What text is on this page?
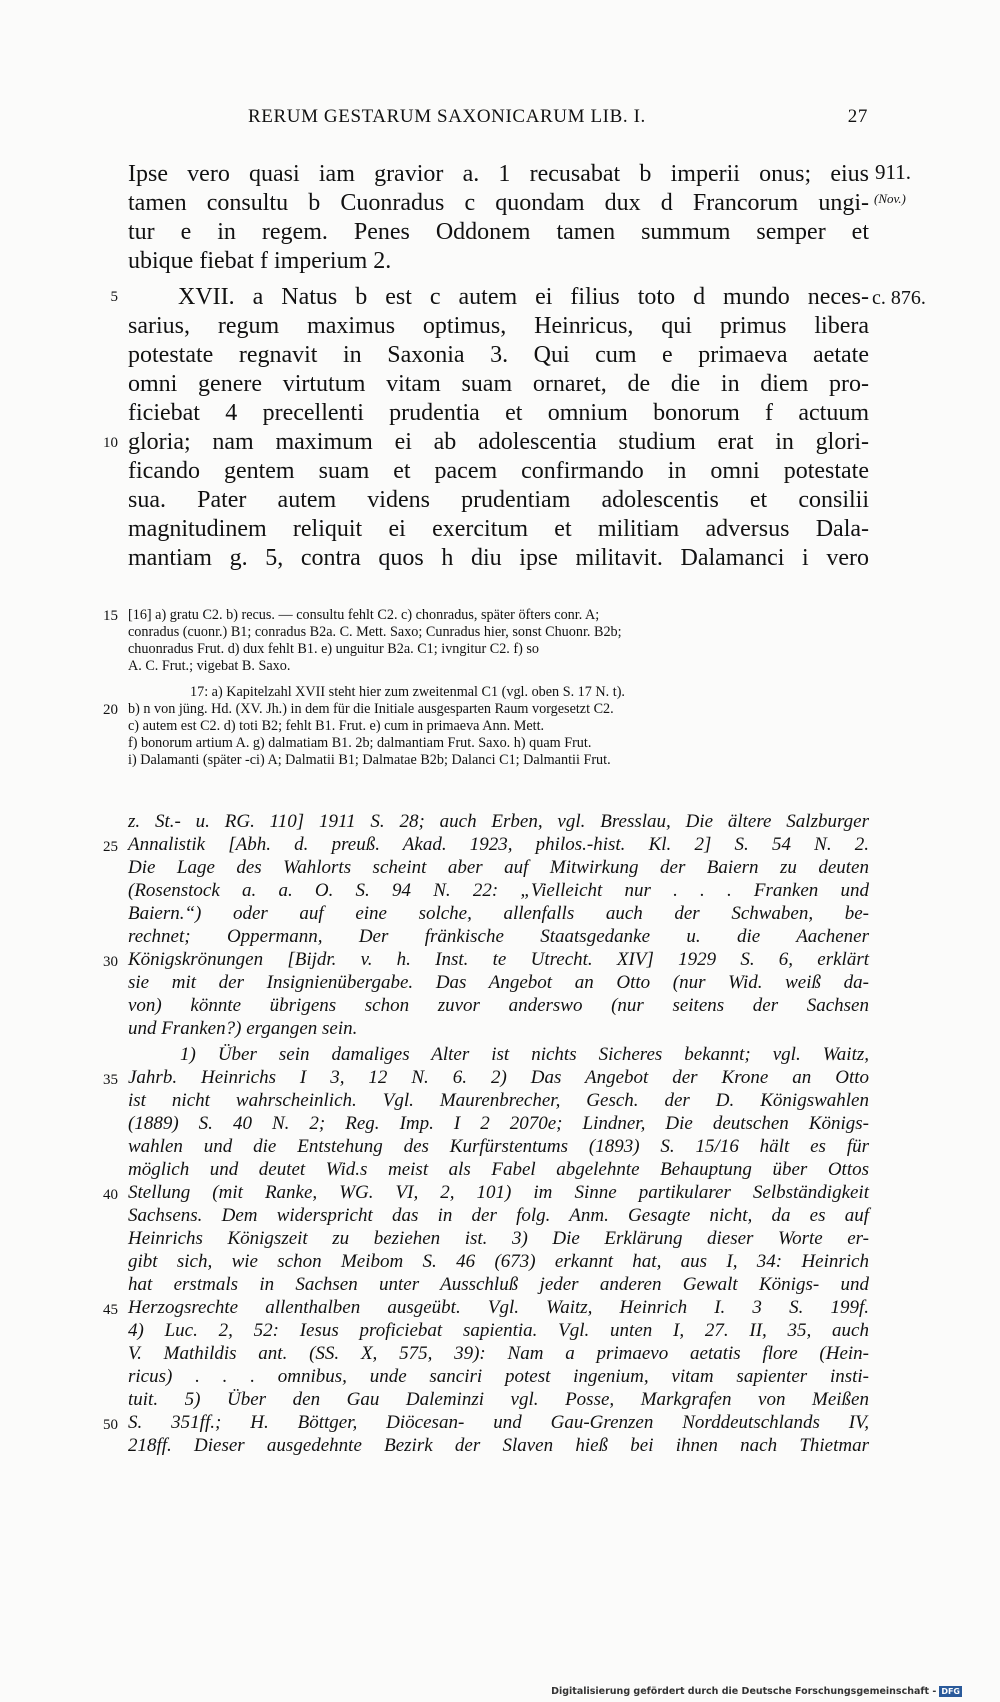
RERUM GESTARUM SAXONICARUM LIB. I.	27
Ipse vero quasi iam gravior a. 1 recusabat b imperii onus; eius
tamen consultu b Cuonradus c quondam dux d Francorum ungi-
tur e in regem. Penes Oddonem tamen summum semper et
ubique fiebat f imperium 2.
XVII. a Natus b est c autem ei filius toto d mundo neces-
sarius, regum maximus optimus, Heinricus, qui primus libera
potestate regnavit in Saxonia 3. Qui cum e primaeva aetate
omni genere virtutum vitam suam ornaret, de die in diem pro-
ficiebat 4 precellenti prudentia et omnium bonorum f actuum
gloria; nam maximum ei ab adolescentia studium erat in glori-
ficando gentem suam et pacem confirmando in omni potestate
sua. Pater autem videns prudentiam adolescentis et consilii
magnitudinem reliquit ei exercitum et militiam adversus Dala-
mantiam g. 5, contra quos h diu ipse militavit. Dalamanci i vero
911.
(Nov.)
c. 876.
[16] a) gratu C2. b) recus. — consultu fehlt C2. c) chonradus, später öfters conr. A;
conradus (cuonr.) B1; conradus B2a. C. Mett. Saxo; Cunradus hier, sonst Chuonr. B2b;
chuonradus Frut. d) dux fehlt B1. e) unguitur B2a. C1; ivngitur C2. f) so
A. C. Frut.; vigebat B. Saxo.
17: a) Kapitelzahl XVII steht hier zum zweitenmal C1 (vgl. oben S. 17 N. t).
b) n von jüng. Hd. (XV. Jh.) in dem für die Initiale ausgesparten Raum vorgesetzt C2.
c) autem est C2. d) toti B2; fehlt B1. Frut. e) cum in primaeva Ann. Mett.
f) bonorum artium A. g) dalmatiam B1. 2b; dalmantiam Frut. Saxo. h) quam Frut.
i) Dalamanti (später -ci) A; Dalmatii B1; Dalmatae B2b; Dalanci C1; Dalmantii Frut.
z. St.- u. RG. 110] 1911 S. 28; auch Erben, vgl. Bresslau, Die ältere Salzburger
Annalistik [Abh. d. preuß. Akad. 1923, philos.-hist. Kl. 2] S. 54 N. 2.
Die Lage des Wahlorts scheint aber auf Mitwirkung der Baiern zu deuten
(Rosenstock a. a. O. S. 94 N. 22: „Vielleicht nur . . . Franken und
Baiern.“) oder auf eine solche, allenfalls auch der Schwaben, be-
rechnet; Oppermann, Der fränkische Staatsgedanke u. die Aachener
Königskrönungen [Bijdr. v. h. Inst. te Utrecht. XIV] 1929 S. 6, erklärt
sie mit der Insignienübergabe. Das Angebot an Otto (nur Wid. weiß da-
von) könnte übrigens schon zuvor anderswo (nur seitens der Sachsen
und Franken?) ergangen sein.
1) Über sein damaliges Alter ist nichts Sicheres bekannt; vgl. Waitz,
Jahrb. Heinrichs I 3, 12 N. 6. 2) Das Angebot der Krone an Otto
ist nicht wahrscheinlich. Vgl. Maurenbrecher, Gesch. der D. Königswahlen
(1889) S. 40 N. 2; Reg. Imp. I 2 2070e; Lindner, Die deutschen Königs-
wahlen und die Entstehung des Kurfürstentums (1893) S. 15/16 hält es für
möglich und deutet Wid.s meist als Fabel abgelehnte Behauptung über Ottos
Stellung (mit Ranke, WG. VI, 2, 101) im Sinne partikularer Selbständigkeit
Sachsens. Dem widerspricht das in der folg. Anm. Gesagte nicht, da es auf
Heinrichs Königszeit zu beziehen ist. 3) Die Erklärung dieser Worte er-
gibt sich, wie schon Meibom S. 46 (673) erkannt hat, aus I, 34: Heinrich
hat erstmals in Sachsen unter Ausschluß jeder anderen Gewalt Königs- und
Herzogsrechte allenthalben ausgeübt. Vgl. Waitz, Heinrich I. 3 S. 199f.
4) Luc. 2, 52: Iesus proficiebat sapientia. Vgl. unten I, 27. II, 35, auch
V. Mathildis ant. (SS. X, 575, 39): Nam a primaevo aetatis flore (Hein-
ricus) . . . omnibus, unde sanciri potest ingenium, vitam sapienter insti-
tuit. 5) Über den Gau Daleminzi vgl. Posse, Markgrafen von Meißen
S. 351ff.; H. Böttger, Diöcesan- und Gau-Grenzen Norddeutschlands IV,
218ff. Dieser ausgedehnte Bezirk der Slaven hieß bei ihnen nach Thietmar
5
10
15
20
25
30
35
40
45
50
Digitalisierung gefördert durch die Deutsche Forschungsgemeinschaft - DFG
